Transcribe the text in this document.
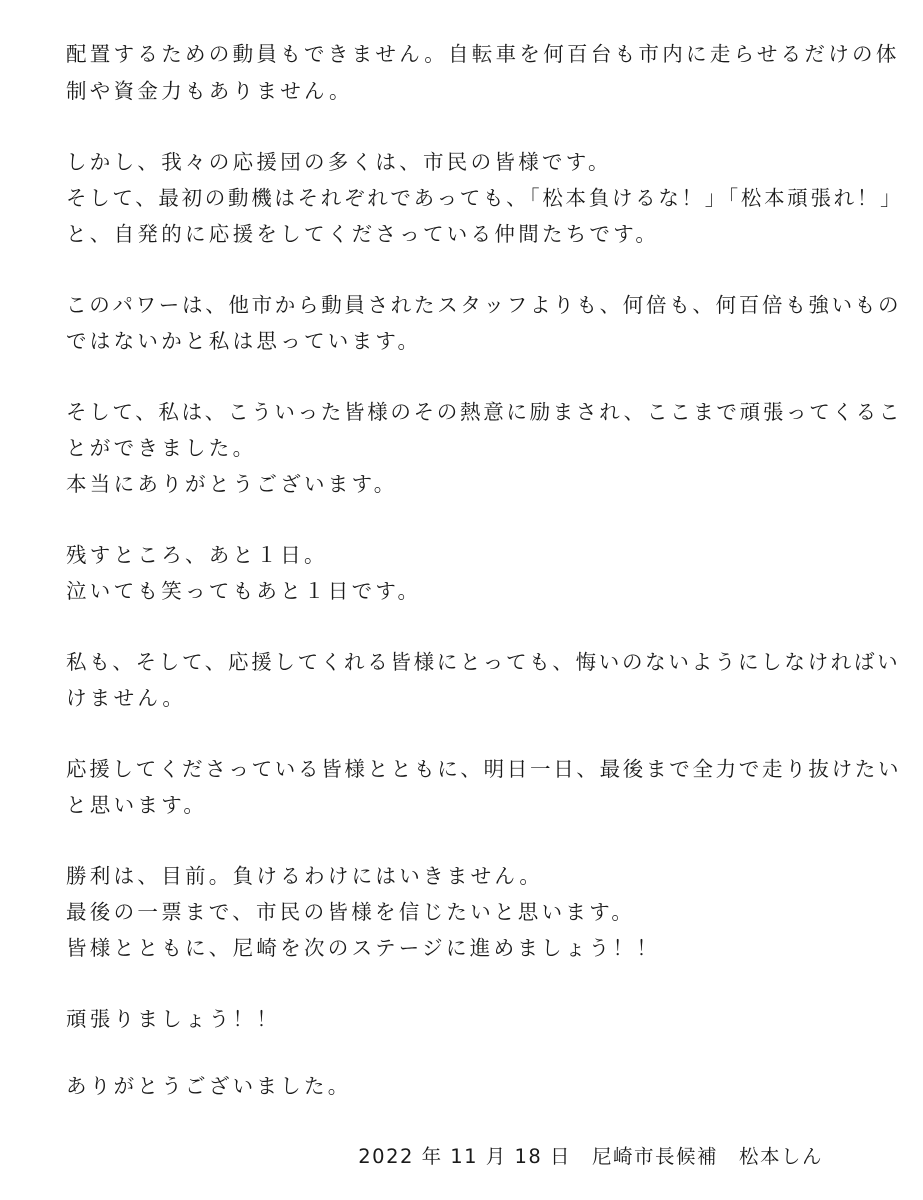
配置するための動員もできません。自転車を何百台も市内に走らせるだけの体
制や資金力もありません。
しかし、我々の応援団の多くは、市民の皆様です。
そして、最初の動機はそれぞれであっても、「松本負けるな！」「松本頑張れ！」
と、自発的に応援をしてくださっている仲間たちです。
このパワーは、他市から動員されたスタッフよりも、何倍も、何百倍も強いもの
ではないかと私は思っています。
そして、私は、こういった皆様のその熱意に励まされ、ここまで頑張ってくるこ
とができました。
本当にありがとうございます。
残すところ、あと１日。
泣いても笑ってもあと１日です。
私も、そして、応援してくれる皆様にとっても、悔いのないようにしなければい
けません。
応援してくださっている皆様とともに、明日一日、最後まで全力で走り抜けたい
と思います。
勝利は、目前。負けるわけにはいきません。
最後の一票まで、市民の皆様を信じたいと思います。
皆様とともに、尼崎を次のステージに進めましょう！！
頑張りましょう！！
ありがとうございました。
2022 年 11 月 18 日　尼崎市長候補　松本しん
